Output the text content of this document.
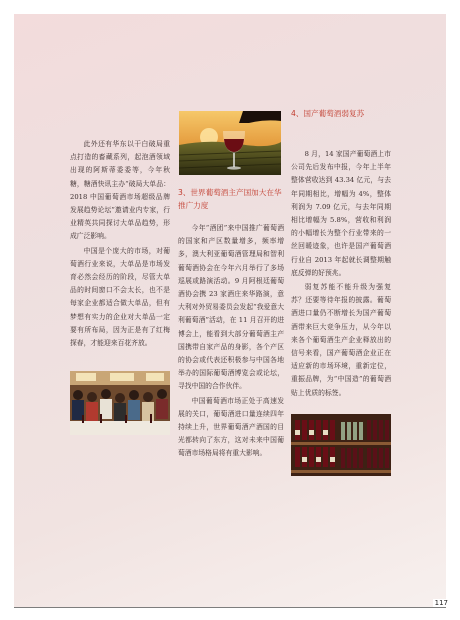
此外还有华东以干白破局重点打造的畜藏系列，起泡酒领域出现的阿斯蒂委委等，今年秋糖，糖酒快讯主办“破局大单品：2018 中国葡萄酒市场超级品牌发展趋势论坛”邀请业内专家，行业精英共同探讨大单品趋势，形成广泛影响。

中国是个庞大的市场，对葡萄酒行业来说，大单品是市场发育必然会经历的阶段，尽管大单品的时间窗口不会太长，也不是每家企业都适合做大单品，但有梦想有实力的企业对大单品一定要有所布局，因为正是有了红梅探春，才能迎来百花齐放。

3、世界葡萄酒主产国加大在华推广力度

今年“酒团”来中国推广葡萄酒的国家和产区数量增多，频率增多，澳大利亚葡萄酒管理局和智利葡萄酒协会在今年六月举行了多场巡展或路演活动。9 月阿根廷葡萄酒协会携 23 家酒庄来华路演，意大利对外贸易委员会发起“我爱意大利葡萄酒”活动，在 11 月召开的进博会上，能看到大部分葡萄酒主产国携带自家产品的身影，各个产区的协会或代表还积极参与中国各地举办的国际葡萄酒博览会或论坛，寻找中国的合作伙伴。

中国葡萄酒市场正处于高速发展的关口，葡萄酒进口量连续四年持续上升，世界葡萄酒产酒国的目光都转向了东方，这对未来中国葡萄酒市场格局将有重大影响。

4、国产葡萄酒弱复苏

8 月，14 家国产葡萄酒上市公司先后发布中报，今年上半年整体营收达到 43.34 亿元，与去年同期相比，增幅为 4%，整体利润为 7.09 亿元，与去年同期相比增幅为 5.8%，营收和利润的小幅增长为整个行业带来的一丝回暖迹象，也许是国产葡萄酒行业自 2013 年起就长调整期触底反弹的好预兆。

弱复苏能不能升级为强复苏？还要等待年报的披露。葡萄酒进口量仍不断增长为国产葡萄酒带来巨大竞争压力，从今年以来各个葡萄酒生产企业释放出的信号来看，国产葡萄酒企业正在适应新的市场环境，重新定位，重振品牌，为“中国造”的葡萄酒贴上优质的标签。

117
